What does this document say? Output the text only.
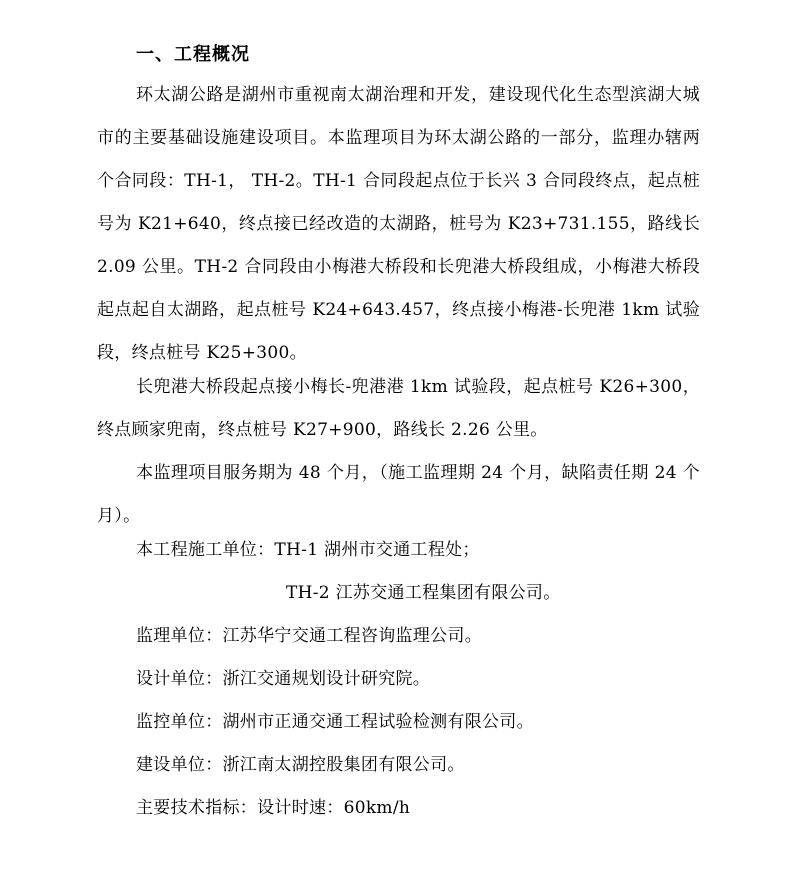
一、工程概况

环太湖公路是湖州市重视南太湖治理和开发，建设现代化生态型滨湖大城市的主要基础设施建设项目。本监理项目为环太湖公路的一部分，监理办辖两个合同段：TH-1， TH-2。TH-1 合同段起点位于长兴 3 合同段终点，起点桩号为 K21+640，终点接已经改造的太湖路，桩号为 K23+731.155，路线长 2.09 公里。TH-2 合同段由小梅港大桥段和长兜港大桥段组成，小梅港大桥段起点起自太湖路，起点桩号 K24+643.457，终点接小梅港-长兜港 1km 试验段，终点桩号 K25+300。

长兜港大桥段起点接小梅长-兜港港 1km 试验段，起点桩号 K26+300，终点顾家兜南，终点桩号 K27+900，路线长 2.26 公里。

本监理项目服务期为 48 个月，（施工监理期 24 个月，缺陷责任期 24 个月）。

本工程施工单位：TH-1 湖州市交通工程处；
TH-2 江苏交通工程集团有限公司。
监理单位：江苏华宁交通工程咨询监理公司。
设计单位：浙江交通规划设计研究院。
监控单位：湖州市正通交通工程试验检测有限公司。
建设单位：浙江南太湖控股集团有限公司。
主要技术指标：设计时速：60km/h
